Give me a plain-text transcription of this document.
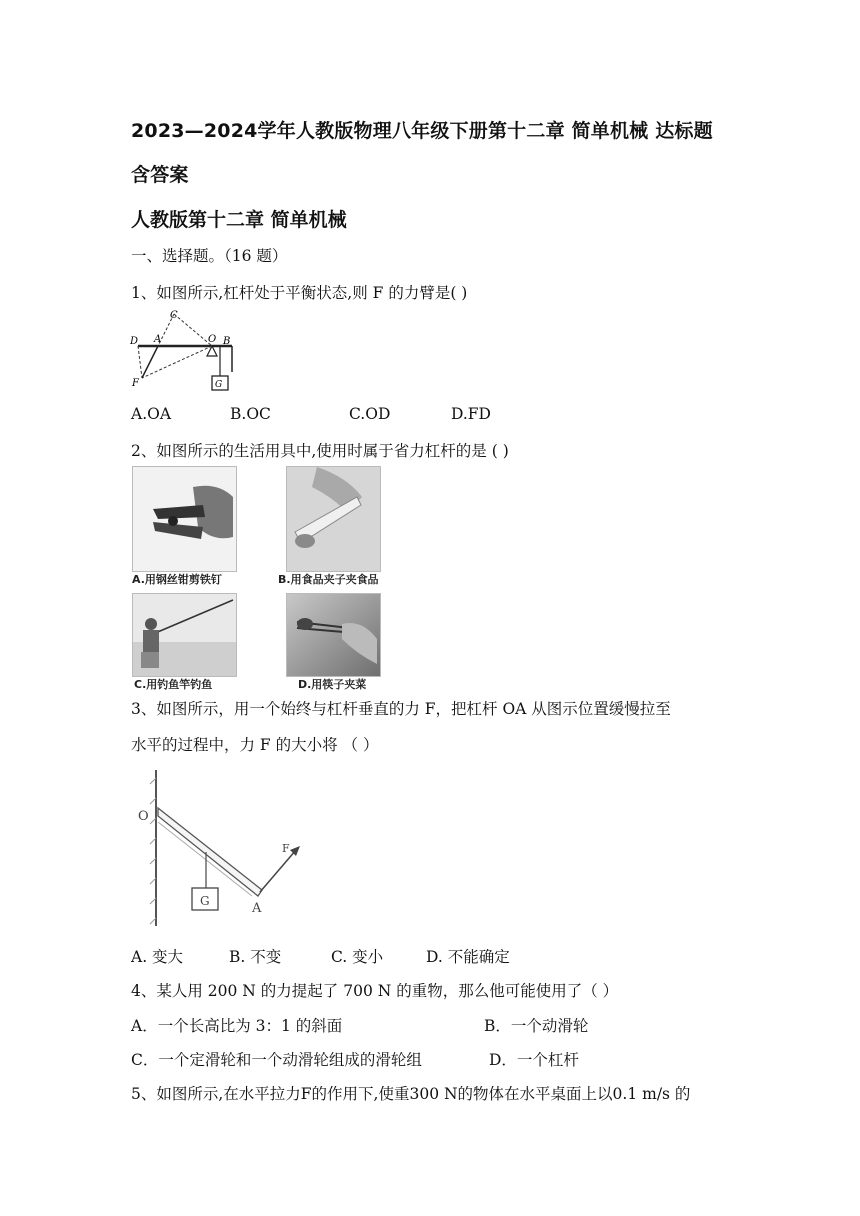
2023—2024学年人教版物理八年级下册第十二章 简单机械 达标题
含答案
人教版第十二章 简单机械
一、选择题。（16 题）
1、如图所示,杠杆处于平衡状态,则 F 的力臂是( )
C
D A	O B
F	G
A.OA	B.OC	C.OD	D.FD
2、如图所示的生活用具中,使用时属于省力杠杆的是 ( )
A.用钢丝钳剪铁钉	B.用食品夹子夹食品
C.用钓鱼竿钓鱼	D.用筷子夹菜
3、如图所示，用一个始终与杠杆垂直的力 F，把杠杆 OA 从图示位置缓慢拉至
水平的过程中，力 F 的大小将 （ ）
O
F
G	A
A. 变大	B. 不变	C. 变小	D. 不能确定
4、某人用 200 N 的力提起了 700 N 的重物，那么他可能使用了（ ）
A．一个长高比为 3：1 的斜面	B．一个动滑轮
C．一个定滑轮和一个动滑轮组成的滑轮组	D．一个杠杆
5、如图所示,在水平拉力F的作用下,使重300 N的物体在水平桌面上以0.1 m/s 的
